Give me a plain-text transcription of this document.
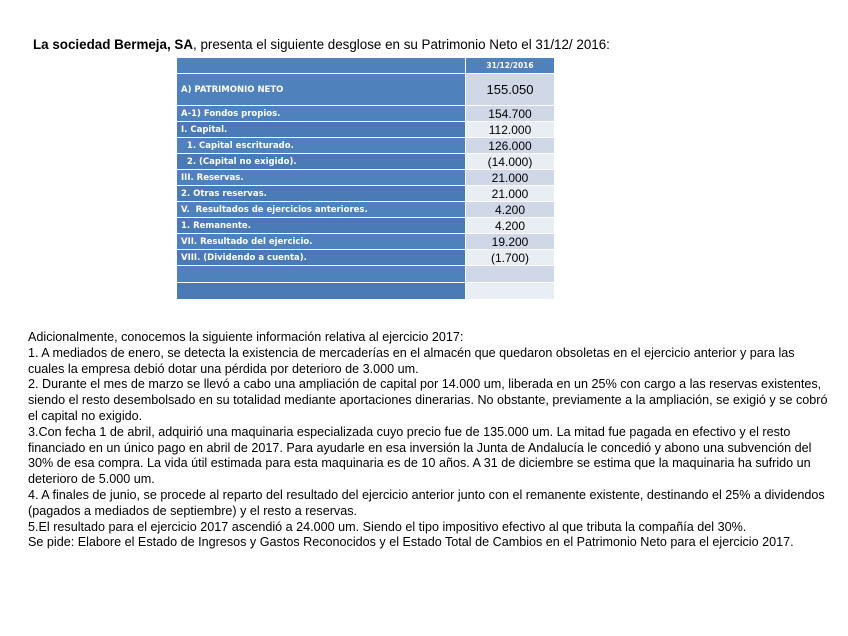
La sociedad Bermeja, SA, presenta el siguiente desglose en su Patrimonio Neto el 31/12/ 2016:
	31/12/2016
A) PATRIMONIO NETO	155.050
A-1) Fondos propios.	154.700
I. Capital.	112.000
1. Capital escriturado.	126.000
2. (Capital no exigido).	(14.000)
III. Reservas.	21.000
2. Otras reservas.	21.000
V.  Resultados de ejercicios anteriores.	4.200
1. Remanente.	4.200
VII. Resultado del ejercicio.	19.200
VIII. (Dividendo a cuenta).	(1.700)

Adicionalmente, conocemos la siguiente información relativa al ejercicio 2017:

1. A mediados de enero, se detecta la existencia de mercaderías en el almacén que quedaron obsoletas en el ejercicio anterior y para las cuales la empresa debió dotar una pérdida por deterioro de 3.000 um.

2. Durante el mes de marzo se llevó a cabo una ampliación de capital por 14.000 um, liberada en un 25% con cargo a las reservas existentes, siendo el resto desembolsado en su totalidad mediante aportaciones dinerarias. No obstante, previamente a la ampliación, se exigió y se cobró el capital no exigido.

3.Con fecha 1 de abril, adquirió una maquinaria especializada cuyo precio fue de 135.000 um. La mitad fue pagada en efectivo y el resto financiado en un único pago en abril de 2017. Para ayudarle en esa inversión la Junta de Andalucía le concedió y abono una subvención del 30% de esa compra. La vida útil estimada para esta maquinaria es de 10 años. A 31 de diciembre se estima que la maquinaria ha sufrido un deterioro de 5.000 um.

4. A finales de junio, se procede al reparto del resultado del ejercicio anterior junto con el remanente existente, destinando el 25% a dividendos (pagados a mediados de septiembre) y el resto a reservas.

5.El resultado para el ejercicio 2017 ascendió a 24.000 um. Siendo el tipo impositivo efectivo al que tributa la compañía del 30%.

Se pide: Elabore el Estado de Ingresos y Gastos Reconocidos y el Estado Total de Cambios en el Patrimonio Neto para el ejercicio 2017.
